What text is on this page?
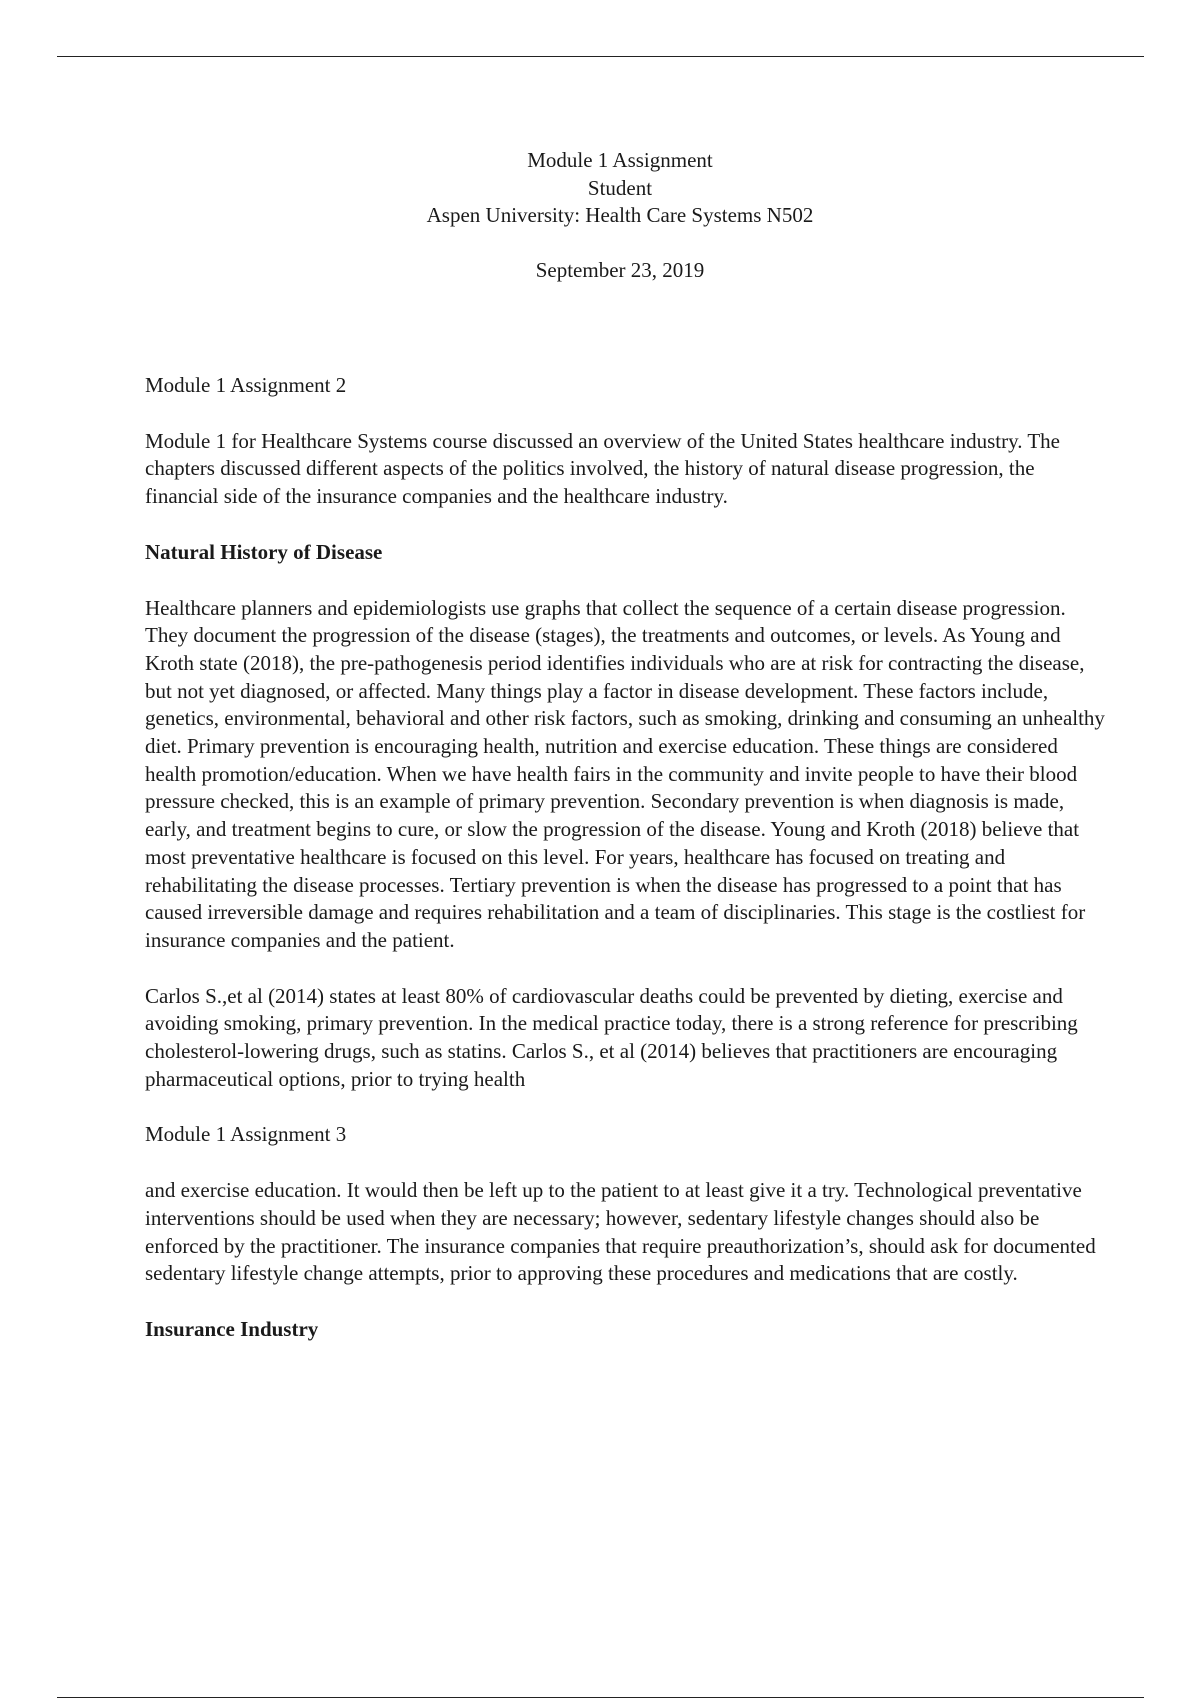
Module 1 Assignment
Student
Aspen University: Health Care Systems N502
September 23, 2019
Module 1 Assignment 2

Module 1 for Healthcare Systems course discussed an overview of the United States healthcare industry. The chapters discussed different aspects of the politics involved, the history of natural disease progression, the financial side of the insurance companies and the healthcare industry.

Natural History of Disease

Healthcare planners and epidemiologists use graphs that collect the sequence of a certain disease progression. They document the progression of the disease (stages), the treatments and outcomes, or levels. As Young and Kroth state (2018), the pre-pathogenesis period identifies individuals who are at risk for contracting the disease, but not yet diagnosed, or affected. Many things play a factor in disease development. These factors include, genetics, environmental, behavioral and other risk factors, such as smoking, drinking and consuming an unhealthy diet. Primary prevention is encouraging health, nutrition and exercise education. These things are considered health promotion/education. When we have health fairs in the community and invite people to have their blood pressure checked, this is an example of primary prevention. Secondary prevention is when diagnosis is made, early, and treatment begins to cure, or slow the progression of the disease. Young and Kroth (2018) believe that most preventative healthcare is focused on this level. For years, healthcare has focused on treating and rehabilitating the disease processes. Tertiary prevention is when the disease has progressed to a point that has caused irreversible damage and requires rehabilitation and a team of disciplinaries. This stage is the costliest for insurance companies and the patient.

Carlos S.,et al (2014) states at least 80% of cardiovascular deaths could be prevented by dieting, exercise and avoiding smoking, primary prevention. In the medical practice today, there is a strong reference for prescribing cholesterol-lowering drugs, such as statins. Carlos S., et al (2014) believes that practitioners are encouraging pharmaceutical options, prior to trying health

Module 1 Assignment 3

and exercise education. It would then be left up to the patient to at least give it a try. Technological preventative interventions should be used when they are necessary; however, sedentary lifestyle changes should also be enforced by the practitioner. The insurance companies that require preauthorization’s, should ask for documented sedentary lifestyle change attempts, prior to approving these procedures and medications that are costly.

Insurance Industry
